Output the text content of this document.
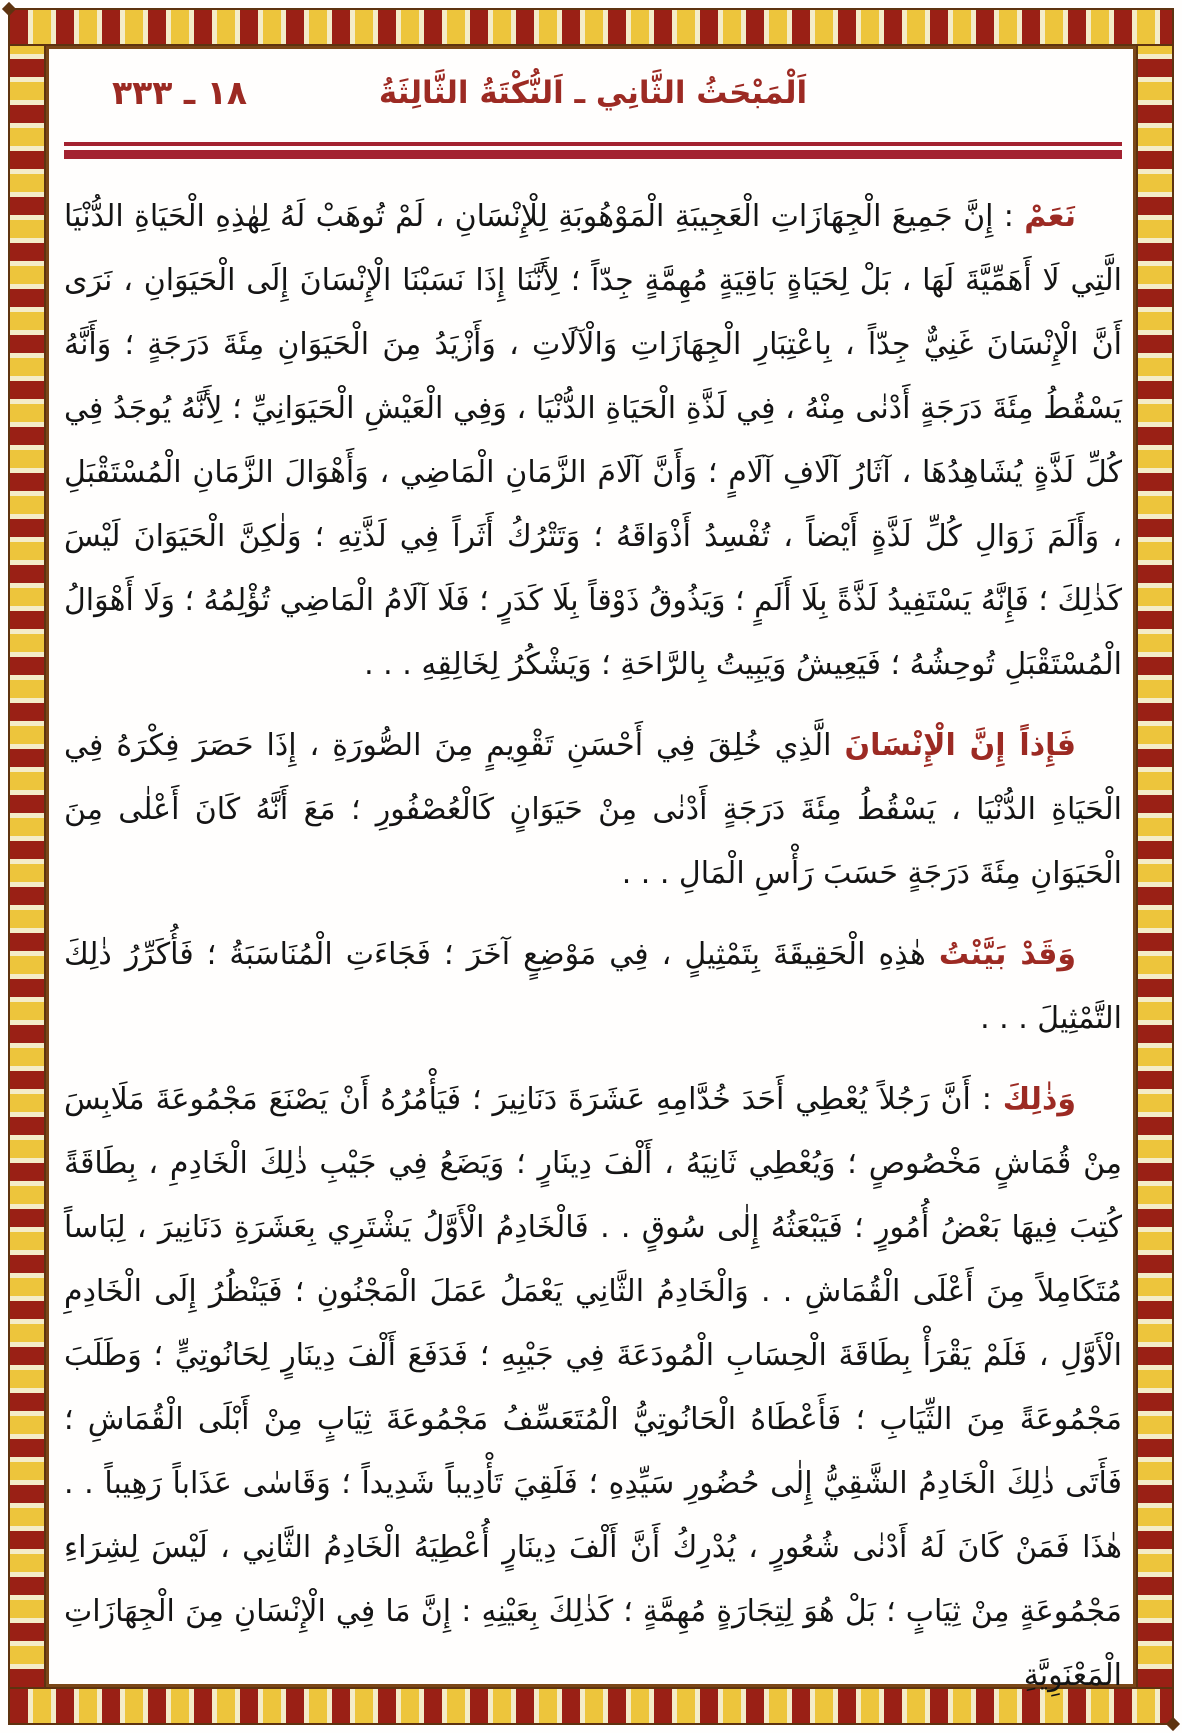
اَلْمَبْحَثُ الثَّانِي ـ اَلنُّكْتَةُ الثَّالِثَةُ
١٨ ـ ٣٣٣

نَعَمْ : إِنَّ جَمِيعَ الْجِهَازَاتِ الْعَجِيبَةِ الْمَوْهُوبَةِ لِلْإِنْسَانِ ، لَمْ تُوهَبْ لَهُ لِهٰذِهِ الْحَيَاةِ الدُّنْيَا الَّتِي لَا أَهَمِّيَّةَ لَهَا ، بَلْ لِحَيَاةٍ بَاقِيَةٍ مُهِمَّةٍ جِدّاً ؛ لِأَنَّنَا إِذَا نَسَبْنَا الْإِنْسَانَ إِلَى الْحَيَوَانِ ، نَرَى أَنَّ الْإِنْسَانَ غَنِيٌّ جِدّاً ، بِاعْتِبَارِ الْجِهَازَاتِ وَالْآلَاتِ ، وَأَزْيَدُ مِنَ الْحَيَوَانِ مِئَةَ دَرَجَةٍ ؛ وَأَنَّهُ يَسْقُطُ مِئَةَ دَرَجَةٍ أَدْنٰى مِنْهُ ، فِي لَذَّةِ الْحَيَاةِ الدُّنْيَا ، وَفِي الْعَيْشِ الْحَيَوَانِيِّ ؛ لِأَنَّهُ يُوجَدُ فِي كُلِّ لَذَّةٍ يُشَاهِدُهَا ، آثَارُ آلَافِ آلَامٍ ؛ وَأَنَّ آلَامَ الزَّمَانِ الْمَاضِي ، وَأَهْوَالَ الزَّمَانِ الْمُسْتَقْبَلِ ، وَأَلَمَ زَوَالِ كُلِّ لَذَّةٍ أَيْضاً ، تُفْسِدُ أَذْوَاقَهُ ؛ وَتَتْرُكُ أَثَراً فِي لَذَّتِهِ ؛ وَلٰكِنَّ الْحَيَوَانَ لَيْسَ كَذٰلِكَ ؛ فَإِنَّهُ يَسْتَفِيدُ لَذَّةً بِلَا أَلَمٍ ؛ وَيَذُوقُ ذَوْقاً بِلَا كَدَرٍ ؛ فَلَا آلَامُ الْمَاضِي تُؤْلِمُهُ ؛ وَلَا أَهْوَالُ الْمُسْتَقْبَلِ تُوحِشُهُ ؛ فَيَعِيشُ وَيَبِيتُ بِالرَّاحَةِ ؛ وَيَشْكُرُ لِخَالِقِهِ . . .

فَإِذاً إِنَّ الْإِنْسَانَ الَّذِي خُلِقَ فِي أَحْسَنِ تَقْوِيمٍ مِنَ الصُّورَةِ ، إِذَا حَصَرَ فِكْرَهُ فِي الْحَيَاةِ الدُّنْيَا ، يَسْقُطُ مِئَةَ دَرَجَةٍ أَدْنٰى مِنْ حَيَوَانٍ كَالْعُصْفُورِ ؛ مَعَ أَنَّهُ كَانَ أَعْلٰى مِنَ الْحَيَوَانِ مِئَةَ دَرَجَةٍ حَسَبَ رَأْسِ الْمَالِ . . .

وَقَدْ بَيَّنْتُ هٰذِهِ الْحَقِيقَةَ بِتَمْثِيلٍ ، فِي مَوْضِعٍ آخَرَ ؛ فَجَاءَتِ الْمُنَاسَبَةُ ؛ فَأُكَرِّرُ ذٰلِكَ التَّمْثِيلَ . . .

وَذٰلِكَ : أَنَّ رَجُلاً يُعْطِي أَحَدَ خُدَّامِهِ عَشَرَةَ دَنَانِيرَ ؛ فَيَأْمُرُهُ أَنْ يَصْنَعَ مَجْمُوعَةَ مَلَابِسَ مِنْ قُمَاشٍ مَخْصُوصٍ ؛ وَيُعْطِي ثَانِيَهُ ، أَلْفَ دِينَارٍ ؛ وَيَضَعُ فِي جَيْبِ ذٰلِكَ الْخَادِمِ ، بِطَاقَةً كُتِبَ فِيهَا بَعْضُ أُمُورٍ ؛ فَيَبْعَثُهُ إِلٰى سُوقٍ . . فَالْخَادِمُ الْأَوَّلُ يَشْتَرِي بِعَشَرَةِ دَنَانِيرَ ، لِبَاساً مُتَكَامِلاً مِنَ أَعْلَى الْقُمَاشِ . . وَالْخَادِمُ الثَّانِي يَعْمَلُ عَمَلَ الْمَجْنُونِ ؛ فَيَنْظُرُ إِلَى الْخَادِمِ الْأَوَّلِ ، فَلَمْ يَقْرَأْ بِطَاقَةَ الْحِسَابِ الْمُودَعَةَ فِي جَيْبِهِ ؛ فَدَفَعَ أَلْفَ دِينَارٍ لِحَانُوتِيٍّ ؛ وَطَلَبَ مَجْمُوعَةً مِنَ الثِّيَابِ ؛ فَأَعْطَاهُ الْحَانُوتِيُّ الْمُتَعَسِّفُ مَجْمُوعَةَ ثِيَابٍ مِنْ أَبْلَى الْقُمَاشِ ؛ فَأَتَى ذٰلِكَ الْخَادِمُ الشَّقِيُّ إِلٰى حُضُورِ سَيِّدِهِ ؛ فَلَقِيَ تَأْدِيباً شَدِيداً ؛ وَقَاسٰى عَذَاباً رَهِيباً . . هٰذَا فَمَنْ كَانَ لَهُ أَدْنٰى شُعُورٍ ، يُدْرِكُ أَنَّ أَلْفَ دِينَارٍ أُعْطِيَهُ الْخَادِمُ الثَّانِي ، لَيْسَ لِشِرَاءِ مَجْمُوعَةٍ مِنْ ثِيَابٍ ؛ بَلْ هُوَ لِتِجَارَةٍ مُهِمَّةٍ ؛ كَذٰلِكَ بِعَيْنِهِ : إِنَّ مَا فِي الْإِنْسَانِ مِنَ الْجِهَازَاتِ الْمَعْنَوِيَّةِ
